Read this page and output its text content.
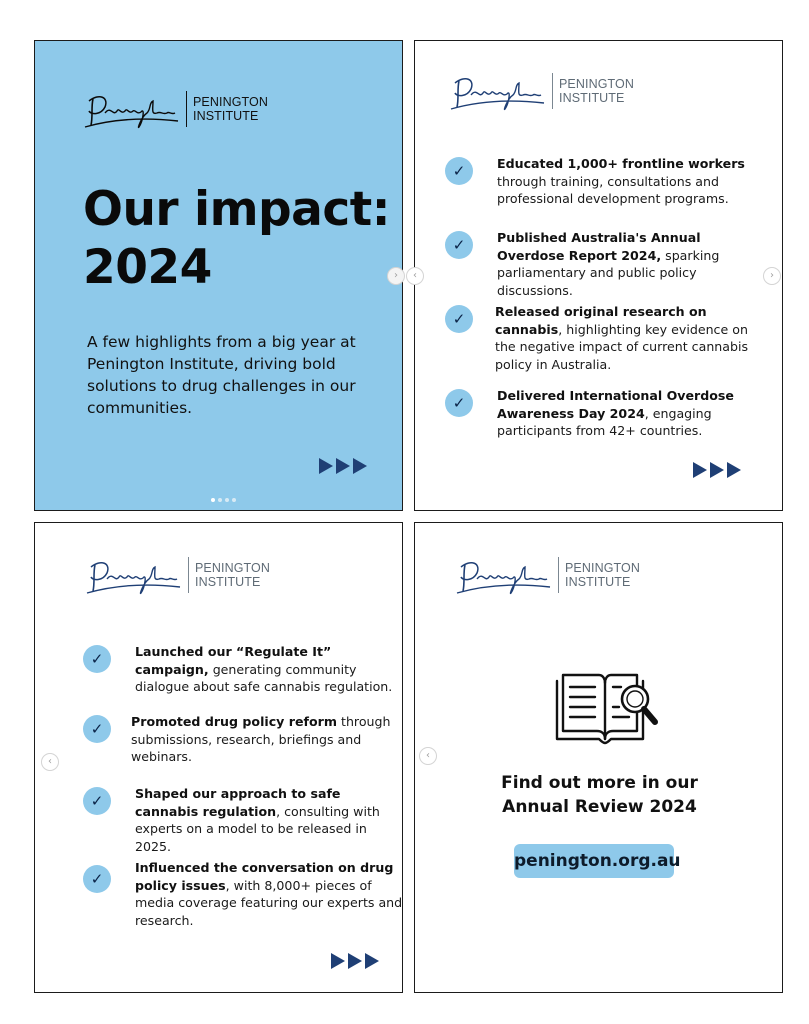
PENINGTON
INSTITUTE
Our impact:
2024
A few highlights from a big year at Penington Institute, driving bold solutions to drug challenges in our communities.
›
PENINGTON
INSTITUTE
✓	Educated 1,000+ frontline workers through training, consultations and professional development programs.
✓	Published Australia's Annual Overdose Report 2024, sparking parliamentary and public policy discussions.
✓ Released original research on cannabis, highlighting key evidence on the negative impact of current cannabis policy in Australia.
✓	Delivered International Overdose Awareness Day 2024, engaging participants from 42+ countries.
‹	›
PENINGTON
INSTITUTE
✓	Launched our “Regulate It” campaign, generating community dialogue about safe cannabis regulation.
✓ Promoted drug policy reform through submissions, research, briefings and webinars.
✓	Shaped our approach to safe cannabis regulation, consulting with experts on a model to be released in 2025.
✓
Influenced the conversation on drug policy issues, with 8,000+ pieces of media coverage featuring our experts and research.
‹
PENINGTON
INSTITUTE
Find out more in our
Annual Review 2024
penington.org.au
‹
